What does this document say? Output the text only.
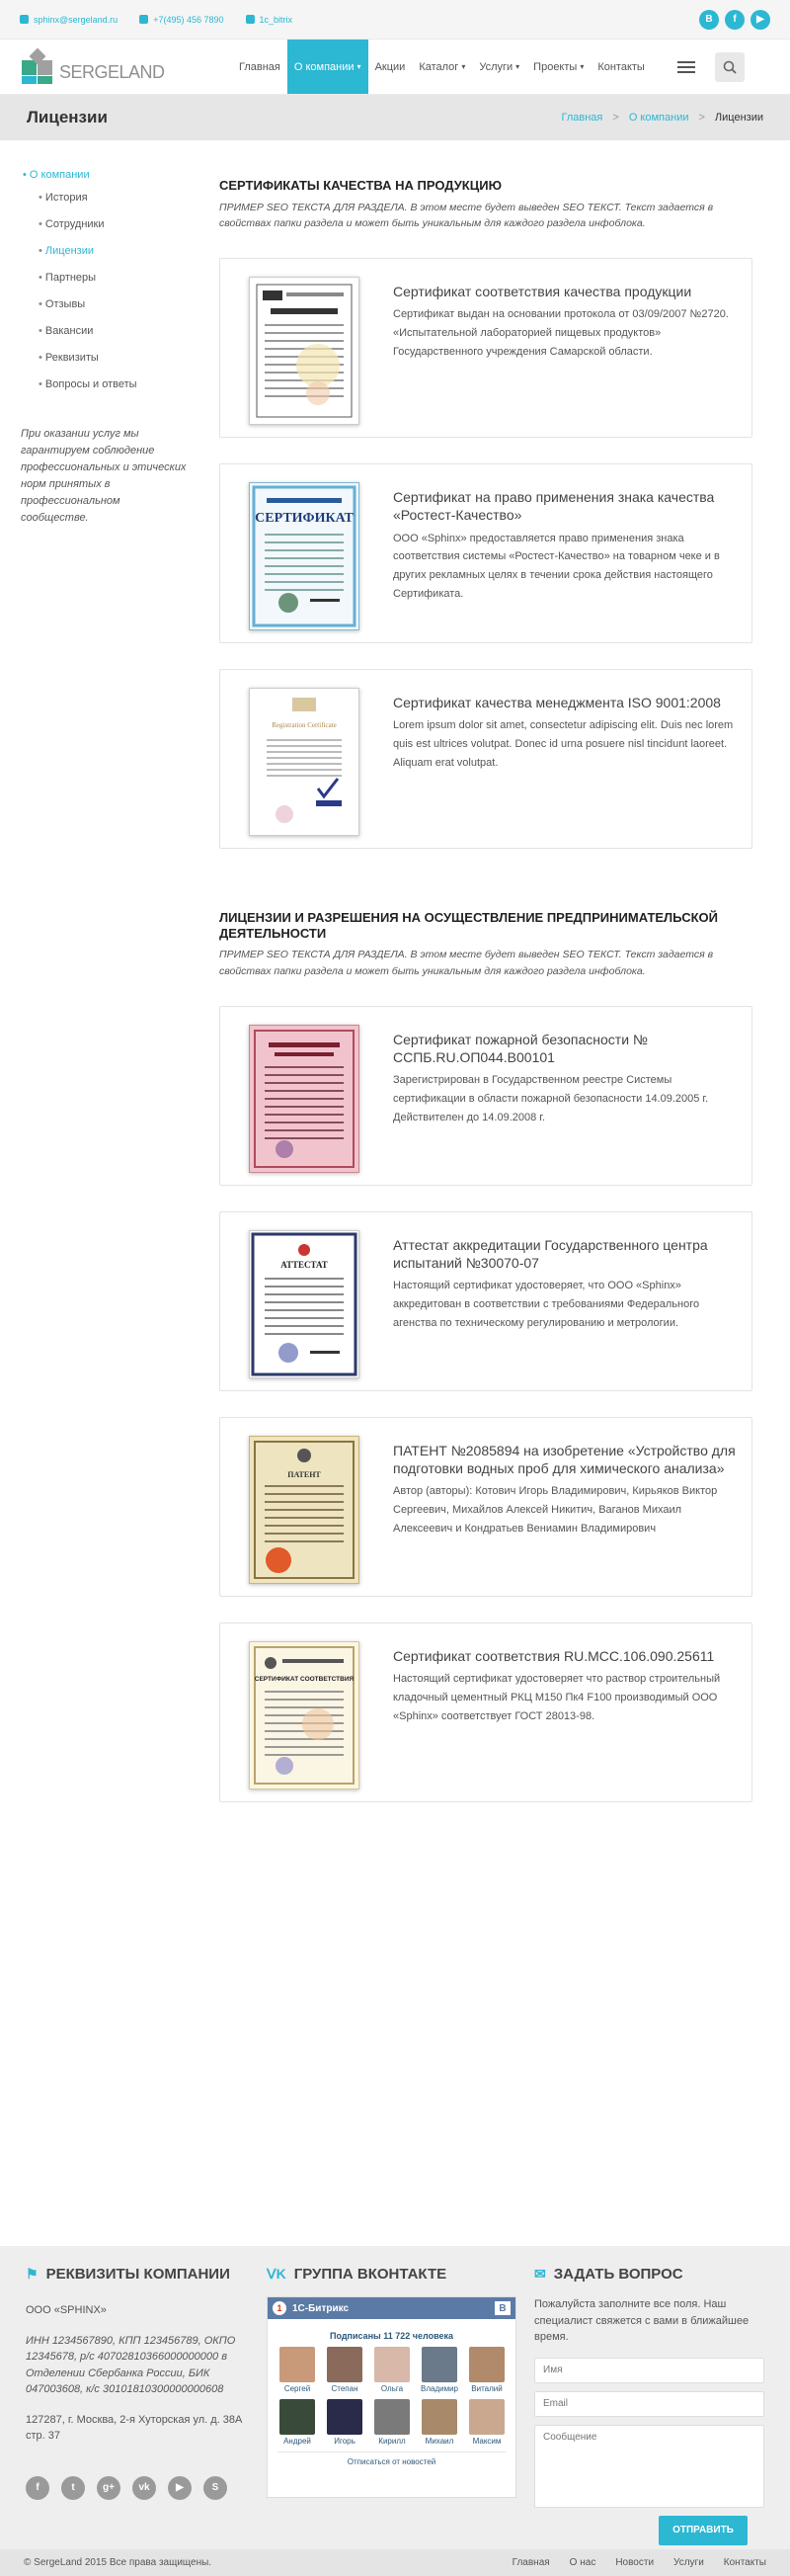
sphinx@sergeland.ru	+7(495) 456 7890	1c_bitrix	В	f	▶
SERGELAND	Главная О компании ▾ Акции Каталог ▾ Услуги ▾ Проекты ▾ Контакты
Лицензии	Главная > О компании > Лицензии
• О компании
• История
• Сотрудники
• Лицензии
• Партнеры
• Отзывы
• Вакансии
• Реквизиты
• Вопросы и ответы
При оказании услуг мы гарантируем соблюдение профессиональных и этических норм принятых в профессиональном сообществе.
СЕРТИФИКАТЫ КАЧЕСТВА НА ПРОДУКЦИЮ
ПРИМЕР SEO ТЕКСТА ДЛЯ РАЗДЕЛА. В этом месте будет выведен SEO ТЕКСТ. Текст задается в свойствах папки раздела и может быть уникальным для каждого раздела инфоблока.
Сертификат соответствия качества продукции
Сертификат выдан на основании протокола от 03/09/2007 №2720. «Испытательной лабораторией пищевых продуктов» Государственного учреждения Самарской области.
СЕРТИФИКАТ
Сертификат на право применения знака качества «Ростест-Качество»
ООО «Sphinx» предоставляется право применения знака соответствия системы «Ростест-Качество» на товарном чеке и в других рекламных целях в течении срока действия настоящего Сертификата.
Registration Certificate
Сертификат качества менеджмента ISO 9001:2008
Lorem ipsum dolor sit amet, consectetur adipiscing elit. Duis nec lorem quis est ultrices volutpat. Donec id urna posuere nisl tincidunt laoreet. Aliquam erat volutpat.
ЛИЦЕНЗИИ И РАЗРЕШЕНИЯ НА ОСУЩЕСТВЛЕНИЕ ПРЕДПРИНИМАТЕЛЬСКОЙ ДЕЯТЕЛЬНОСТИ
ПРИМЕР SEO ТЕКСТА ДЛЯ РАЗДЕЛА. В этом месте будет выведен SEO ТЕКСТ. Текст задается в свойствах папки раздела и может быть уникальным для каждого раздела инфоблока.
Сертификат пожарной безопасности № ССПБ.RU.ОП044.В00101
Зарегистрирован в Государственном реестре Системы сертификации в области пожарной безопасности 14.09.2005 г. Действителен до 14.09.2008 г.
АТТЕСТАТ
Аттестат аккредитации Государственного центра испытаний №30070-07
Настоящий сертификат удостоверяет, что ООО «Sphinx» аккредитован в соответствии с требованиями Федерального агенства по техническому регулированию и метрологии.
ПАТЕНТ
ПАТЕНТ №2085894 на изобретение «Устройство для подготовки водных проб для химического анализа»
Автор (авторы): Котович Игорь Владимирович, Кирьяков Виктор Сергеевич, Михайлов Алексей Никитич, Ваганов Михаил Алексеевич и Кондратьев Вениамин Владимирович
СЕРТИФИКАТ СООТВЕТСТВИЯ
Сертификат соответствия RU.МСС.106.090.25611
Настоящий сертификат удостоверяет что раствор строительный кладочный цементный РКЦ М150 Пк4 F100 производимый ООО «Sphinx» соответствует ГОСТ 28013-98.
⚑ РЕКВИЗИТЫ КОМПАНИИ

ООО «SPHINX»

ИНН 1234567890, КПП 123456789, ОКПО 12345678, р/с 40702810366000000000 в Отделении Сбербанка России, БИК 047003608, к/с 30101810300000000608

127287, г. Москва, 2-я Хуторская ул. д. 38А стр. 37

f	t	g+	vk	▶	S
ᐯK ГРУППА ВКОНТАКТЕ
1	1С-Битрикс	B
Подписаны 11 722 человека
Сергей	Степан	Ольга	Владимир	Виталий
Андрей	Игорь	Кирилл	Михаил	Максим
Отписаться от новостей
✉ ЗАДАТЬ ВОПРОС

Пожалуйста заполните все поля. Наш специалист свяжется с вами в ближайшее время.

Имя
Email
Сообщение
ОТПРАВИТЬ
© SergeLand 2015 Все права защищены.	Главная О нас Новости Услуги Контакты
